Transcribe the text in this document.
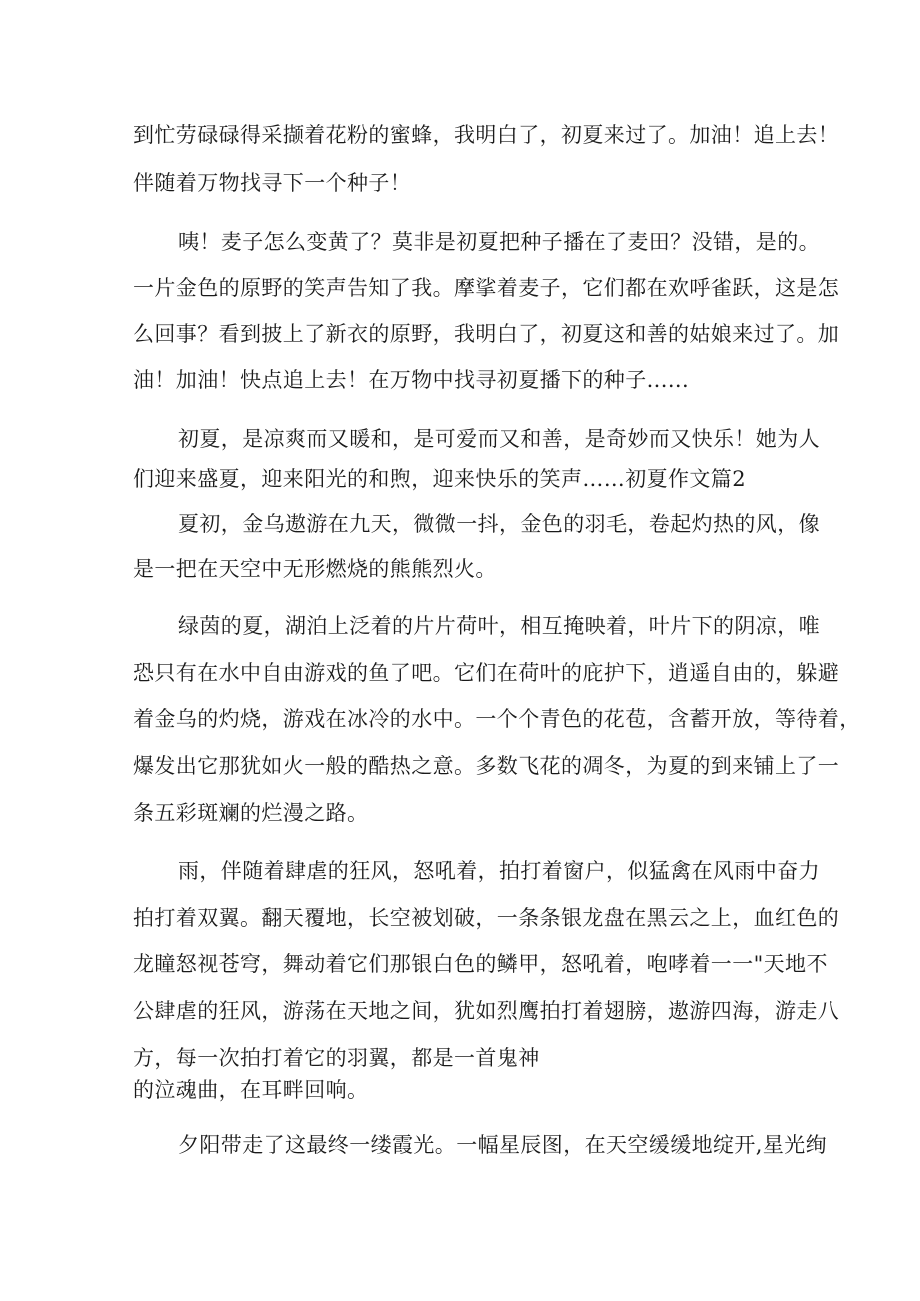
到忙劳碌碌得采撷着花粉的蜜蜂，我明白了，初夏来过了。加油！追上去！
伴随着万物找寻下一个种子！
咦！麦子怎么变黄了？莫非是初夏把种子播在了麦田？没错，是的。
一片金色的原野的笑声告知了我。摩挲着麦子，它们都在欢呼雀跃，这是怎
么回事？看到披上了新衣的原野，我明白了，初夏这和善的姑娘来过了。加
油！加油！快点追上去！在万物中找寻初夏播下的种子......
初夏，是凉爽而又暖和，是可爱而又和善，是奇妙而又快乐！她为人
们迎来盛夏，迎来阳光的和煦，迎来快乐的笑声……初夏作文篇2
夏初，金乌遨游在九天，微微一抖，金色的羽毛，卷起灼热的风，像
是一把在天空中无形燃烧的熊熊烈火。
绿茵的夏，湖泊上泛着的片片荷叶，相互掩映着，叶片下的阴凉，唯
恐只有在水中自由游戏的鱼了吧。它们在荷叶的庇护下，逍遥自由的，躲避
着金乌的灼烧，游戏在冰冷的水中。一个个青色的花苞，含蓄开放，等待着，
爆发出它那犹如火一般的酷热之意。多数飞花的凋冬，为夏的到来铺上了一
条五彩斑斓的烂漫之路。
雨，伴随着肆虐的狂风，怒吼着，拍打着窗户，似猛禽在风雨中奋力
拍打着双翼。翻天覆地，长空被划破，一条条银龙盘在黑云之上，血红色的
龙瞳怒视苍穹，舞动着它们那银白色的鳞甲，怒吼着，咆哮着一一"天地不
公肆虐的狂风，游荡在天地之间，犹如烈鹰拍打着翅膀，遨游四海，游走八
方，每一次拍打着它的羽翼，都是一首鬼神
的泣魂曲，在耳畔回响。
夕阳带走了这最终一缕霞光。一幅星辰图，在天空缓缓地绽开,星光绚
